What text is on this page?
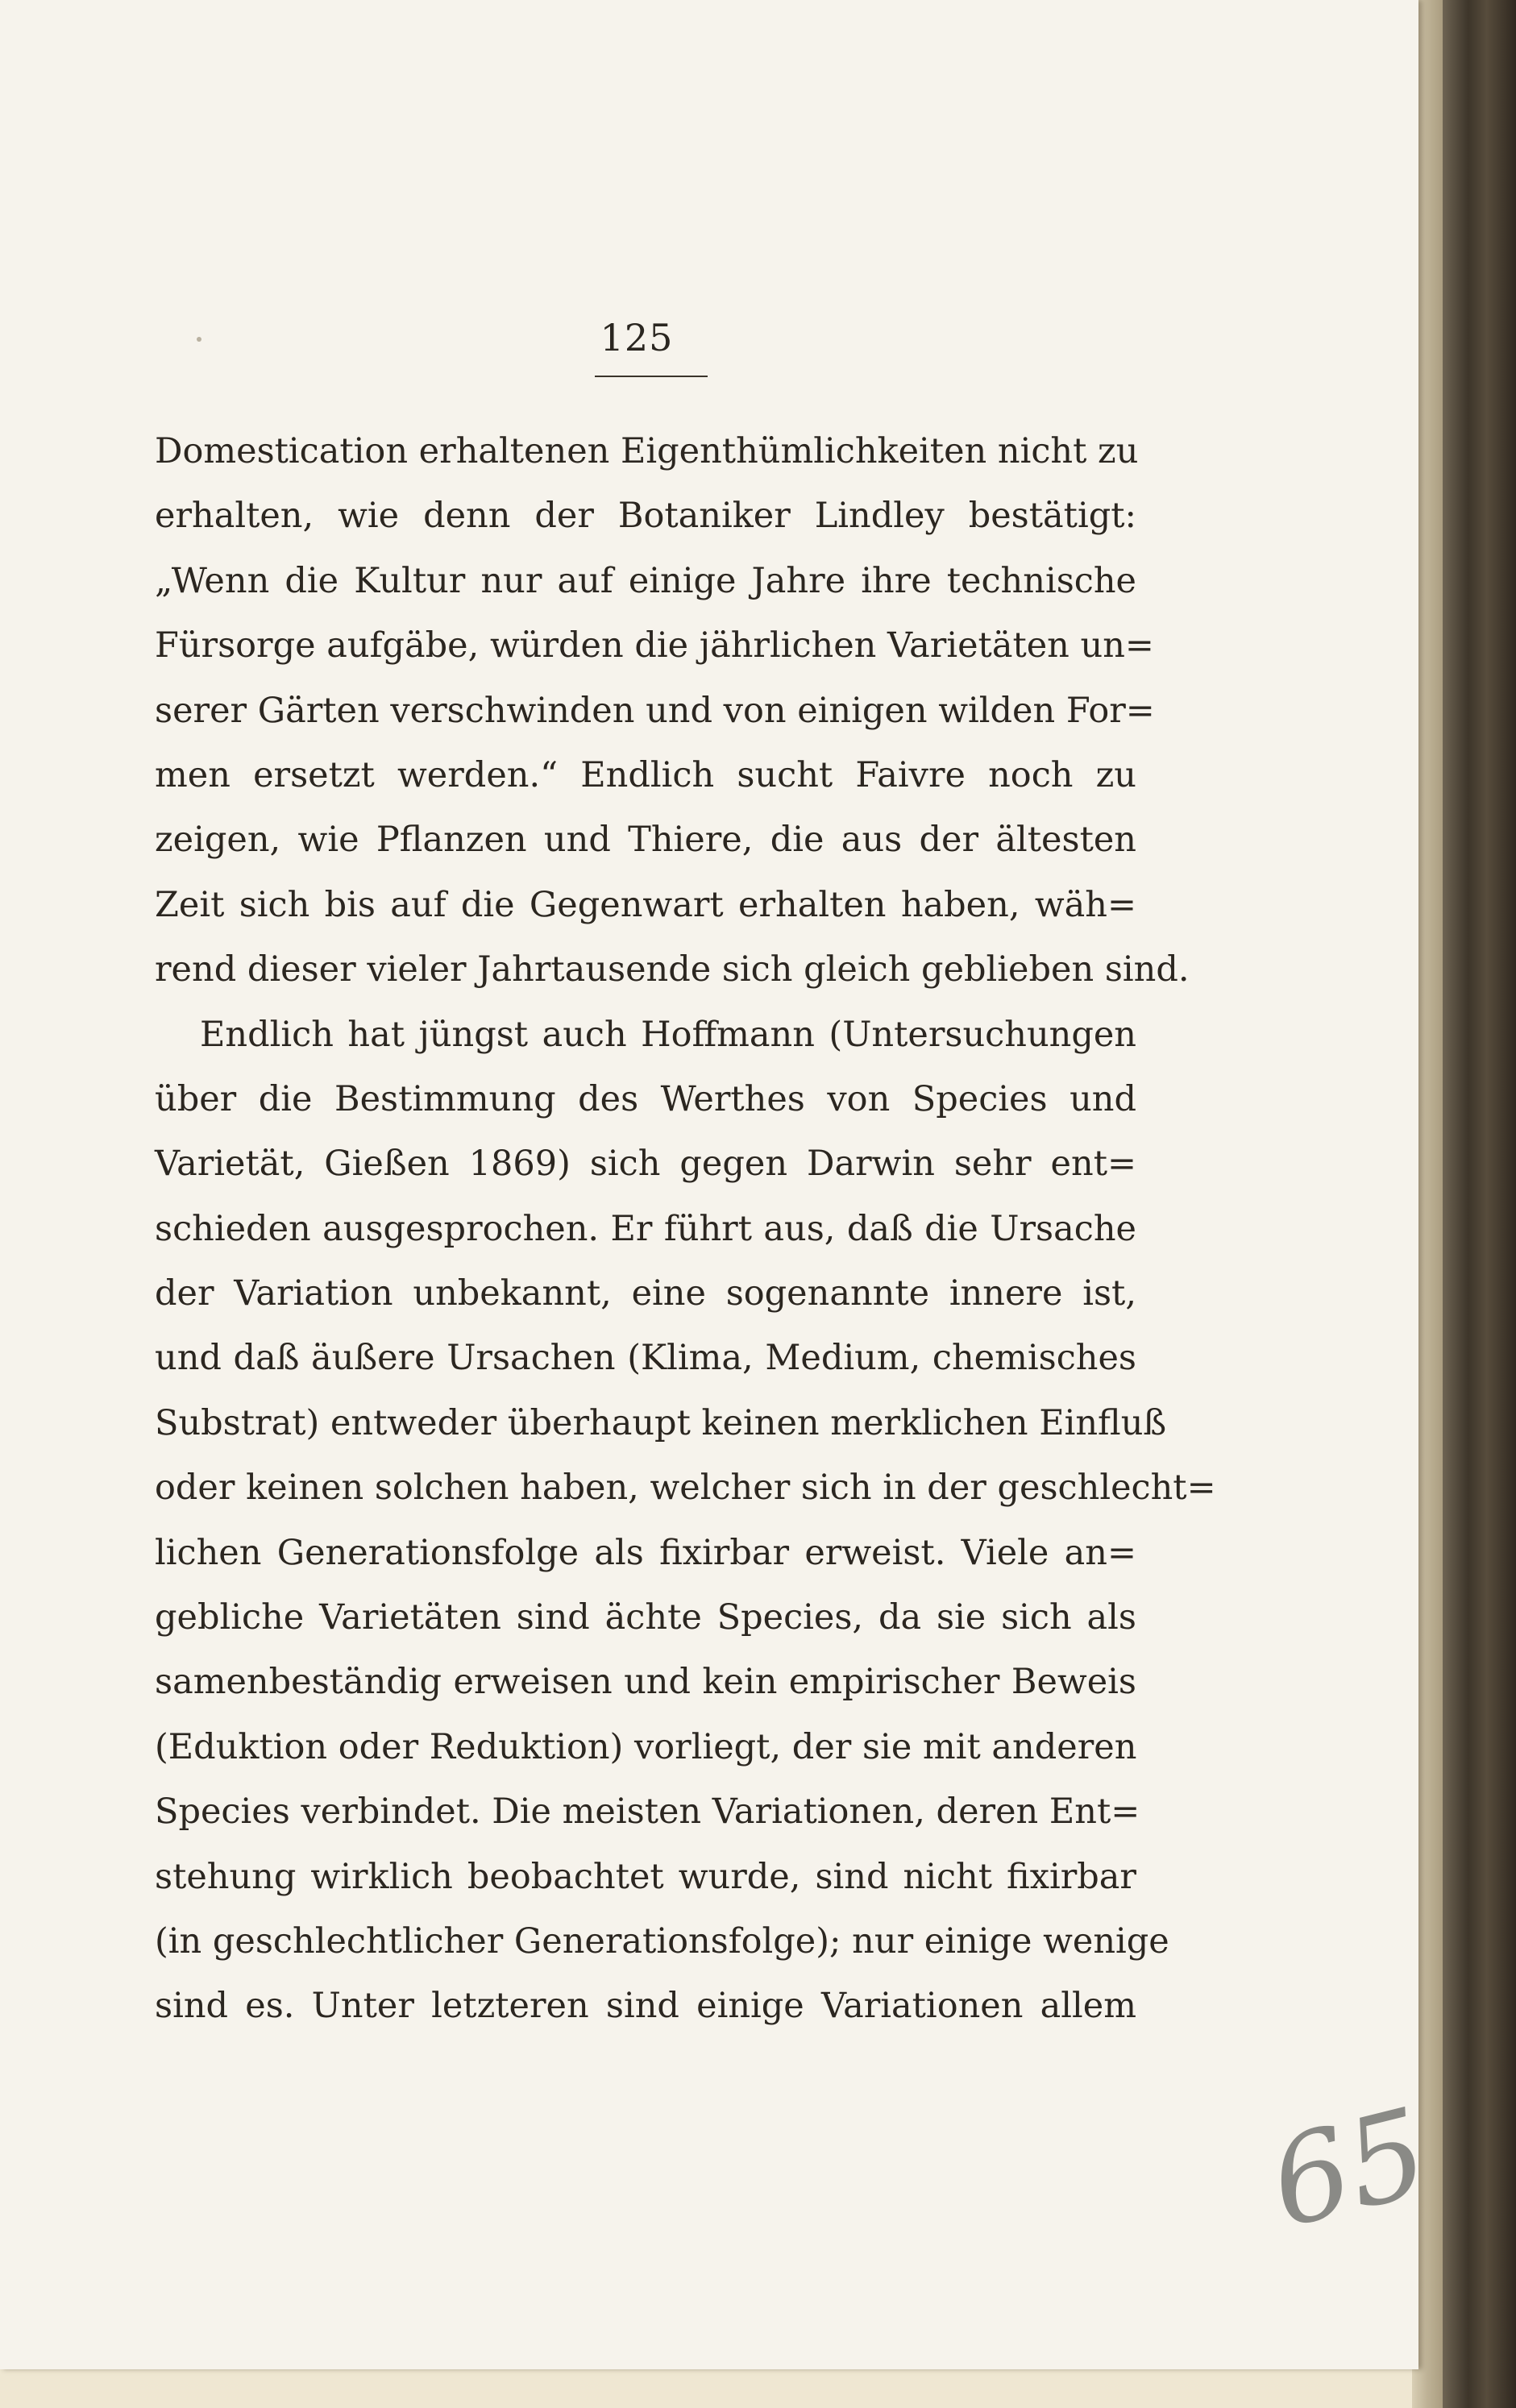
125
Domestication erhaltenen Eigenthümlichkeiten nicht zu
erhalten, wie denn der Botaniker Lindley bestätigt:
„Wenn die Kultur nur auf einige Jahre ihre technische
Fürsorge aufgäbe, würden die jährlichen Varietäten un=
serer Gärten verschwinden und von einigen wilden For=
men ersetzt werden.“ Endlich sucht Faivre noch zu
zeigen, wie Pflanzen und Thiere, die aus der ältesten
Zeit sich bis auf die Gegenwart erhalten haben, wäh=
rend dieser vieler Jahrtausende sich gleich geblieben sind.
Endlich hat jüngst auch Hoffmann (Untersuchungen
über die Bestimmung des Werthes von Species und
Varietät, Gießen 1869) sich gegen Darwin sehr ent=
schieden ausgesprochen. Er führt aus, daß die Ursache
der Variation unbekannt, eine sogenannte innere ist,
und daß äußere Ursachen (Klima, Medium, chemisches
Substrat) entweder überhaupt keinen merklichen Einfluß
oder keinen solchen haben, welcher sich in der geschlecht=
lichen Generationsfolge als fixirbar erweist. Viele an=
gebliche Varietäten sind ächte Species, da sie sich als
samenbeständig erweisen und kein empirischer Beweis
(Eduktion oder Reduktion) vorliegt, der sie mit anderen
Species verbindet. Die meisten Variationen, deren Ent=
stehung wirklich beobachtet wurde, sind nicht fixirbar
(in geschlechtlicher Generationsfolge); nur einige wenige
sind es. Unter letzteren sind einige Variationen allem
65
